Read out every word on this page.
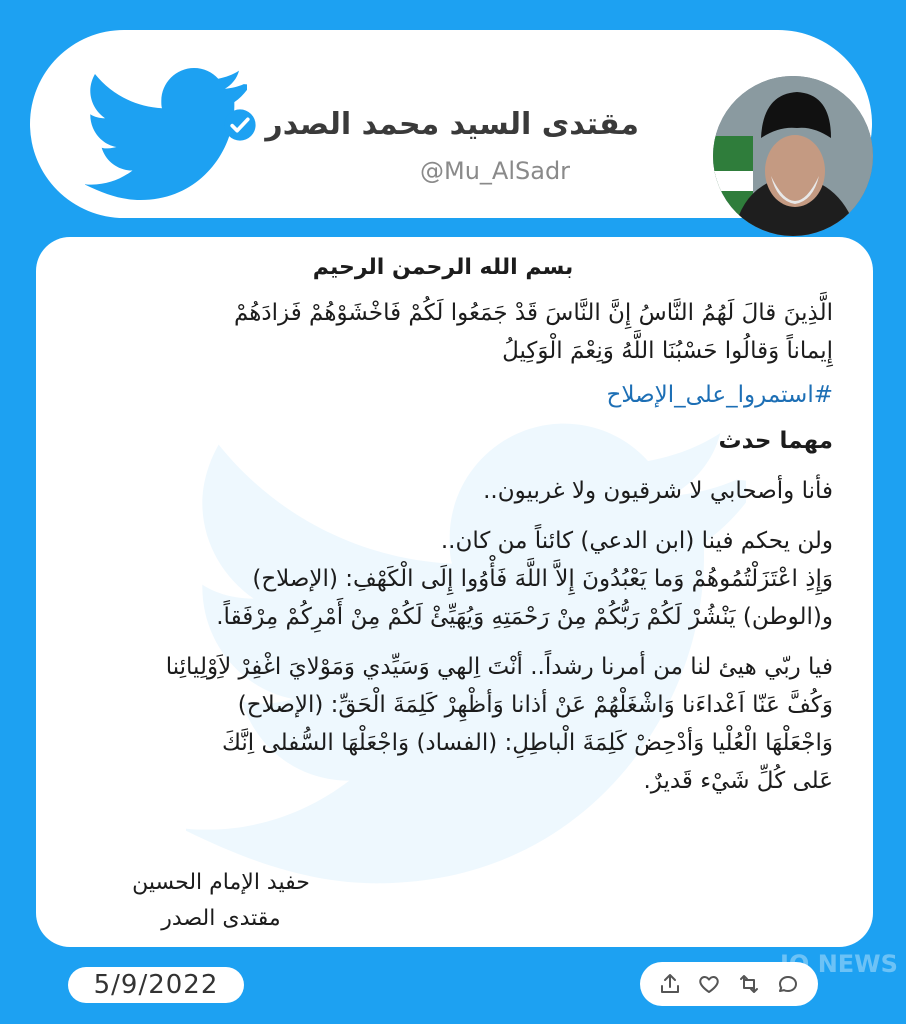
مقتدى السيد محمد الصدر
@Mu_AlSadr

بسم الله الرحمن الرحيم

الَّذِينَ قالَ لَهُمُ النَّاسُ إِنَّ النَّاسَ قَدْ جَمَعُوا لَكُمْ فَاخْشَوْهُمْ فَزادَهُمْ

إِيماناً وَقالُوا حَسْبُنَا اللَّهُ وَنِعْمَ الْوَكِيلُ

#استمروا_على_الإصلاح

مهما حدث

فأنا وأصحابي لا شرقيون ولا غربيون..

ولن يحكم فينا (ابن الدعي) كائناً من كان..

وَإِذِ اعْتَزَلْتُمُوهُمْ وَما يَعْبُدُونَ إِلاَّ اللَّهَ فَأْوُوا إِلَى الْكَهْفِ: (الإصلاح)

و(الوطن) يَنْشُرْ لَكُمْ رَبُّكُمْ مِنْ رَحْمَتِهِ وَيُهَيِّئْ لَكُمْ مِنْ أَمْرِكُمْ مِرْفَقاً.

فيا ربّي هيئ لنا من أمرنا رشداً.. أنْتَ اِلهي وَسَيِّدي وَمَوْلايَ اغْفِرْ لاَِوْلِيائِنا

وَكُفَّ عَنّا اَعْداءَنا وَاشْغَلْهُمْ عَنْ أذانا وَأظْهِرْ كَلِمَةَ الْحَقِّ: (الإصلاح)

وَاجْعَلْهَا الْعُلْيا وَأدْحِضْ كَلِمَةَ الْباطِلِ: (الفساد) وَاجْعَلْهَا السُّفلى اِنَّكَ

عَلى كُلِّ شَيْء قَديرٌ.

حفيد الإمام الحسين
مقتدى الصدر
5/9/2022
JO NEWS
